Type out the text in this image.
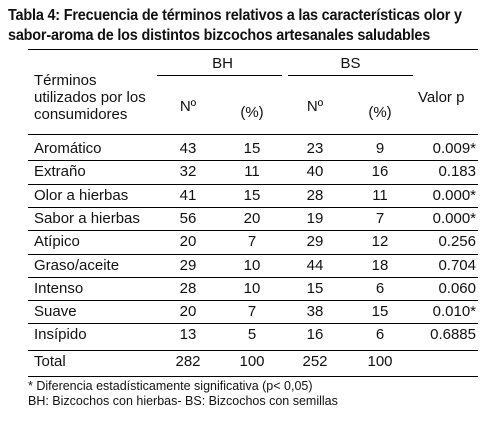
Tabla 4: Frecuencia de términos relativos a las características olor y
sabor-aroma de los distintos bizcochos artesanales saludables
Términos
utilizados por los
consumidores
BH	BS
Nº	(%)	Nº	(%)
Valor p
Aromático	43	15	23	9	0.009*
Extraño	32	11	40	16	0.183
Olor a hierbas	41	15	28	11	0.000*
Sabor a hierbas	56	20	19	7	0.000*
Atípico	20	7	29	12	0.256
Graso/aceite	29	10	44	18	0.704
Intenso	28	10	15	6	0.060
Suave	20	7	38	15	0.010*
Insípido	13	5	16	6	0.6885
Total	282	100	252	100
* Diferencia estadísticamente significativa (p< 0,05)
BH: Bizcochos con hierbas- BS: Bizcochos con semillas
